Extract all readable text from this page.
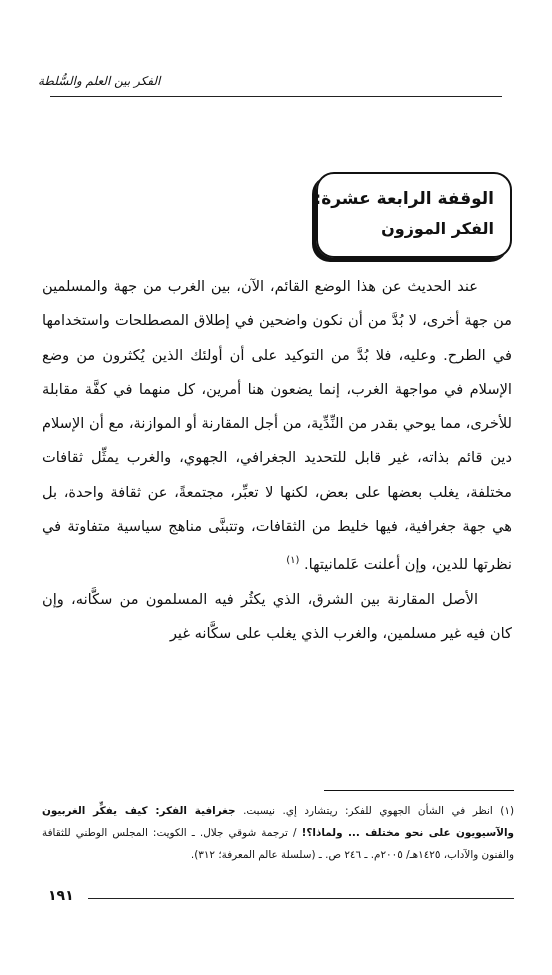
الفكر بين العلم والسُّلطة
الوقفة الرابعة عشرة:
الفكر الموزون

عند الحديث عن هذا الوضع القائم، الآن، بين الغرب من جهة والمسلمين من جهة أخرى، لا بُدَّ من أن نكون واضحين في إطلاق المصطلحات واستخدامها في الطرح. وعليه، فلا بُدَّ من التوكيد على أن أولئك الذين يُكثرون من وضع الإسلام في مواجهة الغرب، إنما يضعون هنا أمرين، كل منهما في كفَّة مقابلة للأخرى، مما يوحي بقدر من النِّدِّية، من أجل المقارنة أو الموازنة، مع أن الإسلام دين قائم بذاته، غير قابل للتحديد الجغرافي، الجهوي، والغرب يمثِّل ثقافات مختلفة، يغلب بعضها على بعض، لكنها لا تعبِّر، مجتمعةً، عن ثقافة واحدة، بل هي جهة جغرافية، فيها خليط من الثقافات، وتتبنَّى مناهج سياسية متفاوتة في نظرتها للدين، وإن أعلنت عَلمانيتها. $^{(١)}$

الأصل المقارنة بين الشرق، الذي يكثُر فيه المسلمون من سكَّانه، وإن كان فيه غير مسلمين، والغرب الذي يغلب على سكَّانه غير

(١) انظر في الشأن الجهوي للفكر: ريتشارد إي. نيسبت. جغرافية الفكر: كيف يفكِّر الغربيون والآسيويون على نحو مختلف ... ولماذا؟! / ترجمة شوقي جلال. ـ الكويت: المجلس الوطني للثقافة والفنون والآداب، ١٤٢٥هـ/ ٢٠٠٥م. ـ ٢٤٦ ص. ـ (سلسلة عالم المعرفة؛ ٣١٢).
١٩١
